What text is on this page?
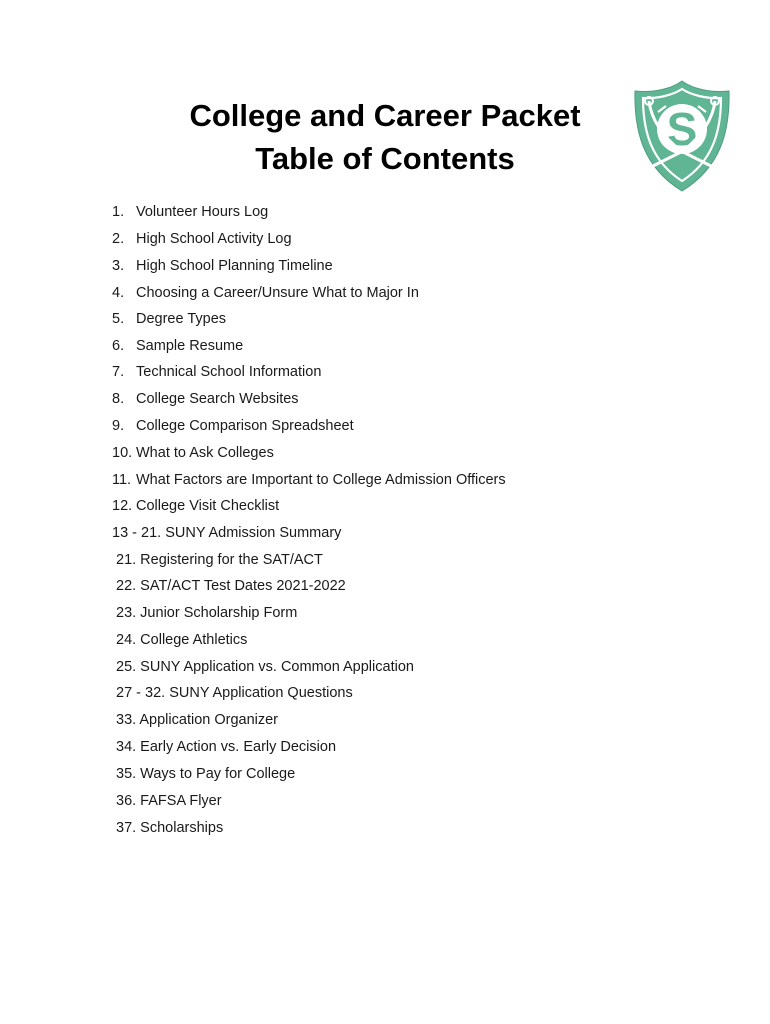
College and Career Packet
Table of Contents
S
1. Volunteer Hours Log
2. High School Activity Log
3. High School Planning Timeline
4. Choosing a Career/Unsure What to Major In
5. Degree Types
6. Sample Resume
7. Technical School Information
8. College Search Websites
9. College Comparison Spreadsheet
10. What to Ask Colleges
11. What Factors are Important to College Admission Officers
12. College Visit Checklist
13 - 21. SUNY Admission Summary
21. Registering for the SAT/ACT
22. SAT/ACT Test Dates 2021-2022
23. Junior Scholarship Form
24. College Athletics
25. SUNY Application vs. Common Application
27 - 32. SUNY Application Questions
33. Application Organizer
34. Early Action vs. Early Decision
35. Ways to Pay for College
36. FAFSA Flyer
37. Scholarships
